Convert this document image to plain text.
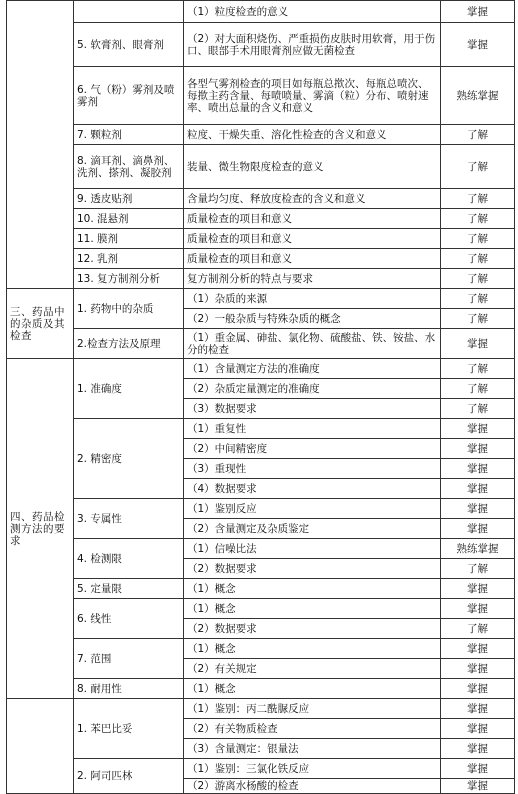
		（1）粒度检查的意义	掌握
	5. 软膏剂、眼膏剂	（2）对大面积烧伤、严重损伤皮肤时用软膏，用于伤口、眼部手术用眼膏剂应做无菌检查	掌握
	6. 气（粉）雾剂及喷雾剂	各型气雾剂检查的项目如每瓶总揿次、每瓶总喷次、每揿主药含量、每喷喷量、雾滴（粒）分布、喷射速率、喷出总量的含义和意义	熟练掌握
	7. 颗粒剂	粒度、干燥失重、溶化性检查的含义和意义	了解
	8. 滴耳剂、滴鼻剂、洗剂、搽剂、凝胶剂	装量、微生物限度检查的意义	了解
	9. 透皮贴剂	含量均匀度、释放度检查的含义和意义	了解
	10. 混悬剂	质量检查的项目和意义	了解
	11. 膜剂	质量检查的项目和意义	了解
	12. 乳剂	质量检查的项目和意义	了解
	13. 复方制剂分析	复方制剂分析的特点与要求	了解
三、药品中的杂质及其检查	1. 药物中的杂质	（1）杂质的来源	了解
		（2）一般杂质与特殊杂质的概念	了解
	2.检查方法及原理	（1）重金属、砷盐、氯化物、硫酸盐、铁、铵盐、水分的检查	掌握
四、药品检测方法的要求	1. 准确度	（1）含量测定方法的准确度	了解
		（2）杂质定量测定的准确度	了解
		（3）数据要求	了解
	2. 精密度	（1）重复性	掌握
		（2）中间精密度	掌握
		（3）重现性	掌握
		（4）数据要求	掌握
	3. 专属性	（1）鉴别反应	掌握
		（2）含量测定及杂质鉴定	掌握
	4. 检测限	（1）信噪比法	熟练掌握
		（2）数据要求	了解
	5. 定量限	（1）概念	掌握
	6. 线性	（1）概念	掌握
		（2）数据要求	了解
	7. 范围	（1）概念	掌握
		（2）有关规定	掌握
	8. 耐用性	（1）概念	掌握
	1. 苯巴比妥	（1）鉴别：丙二酰脲反应	掌握
		（2）有关物质检查	掌握
		（3）含量测定：银量法	掌握
	2. 阿司匹林	（1）鉴别：三氯化铁反应	掌握
		（2）游离水杨酸的检查	掌握
